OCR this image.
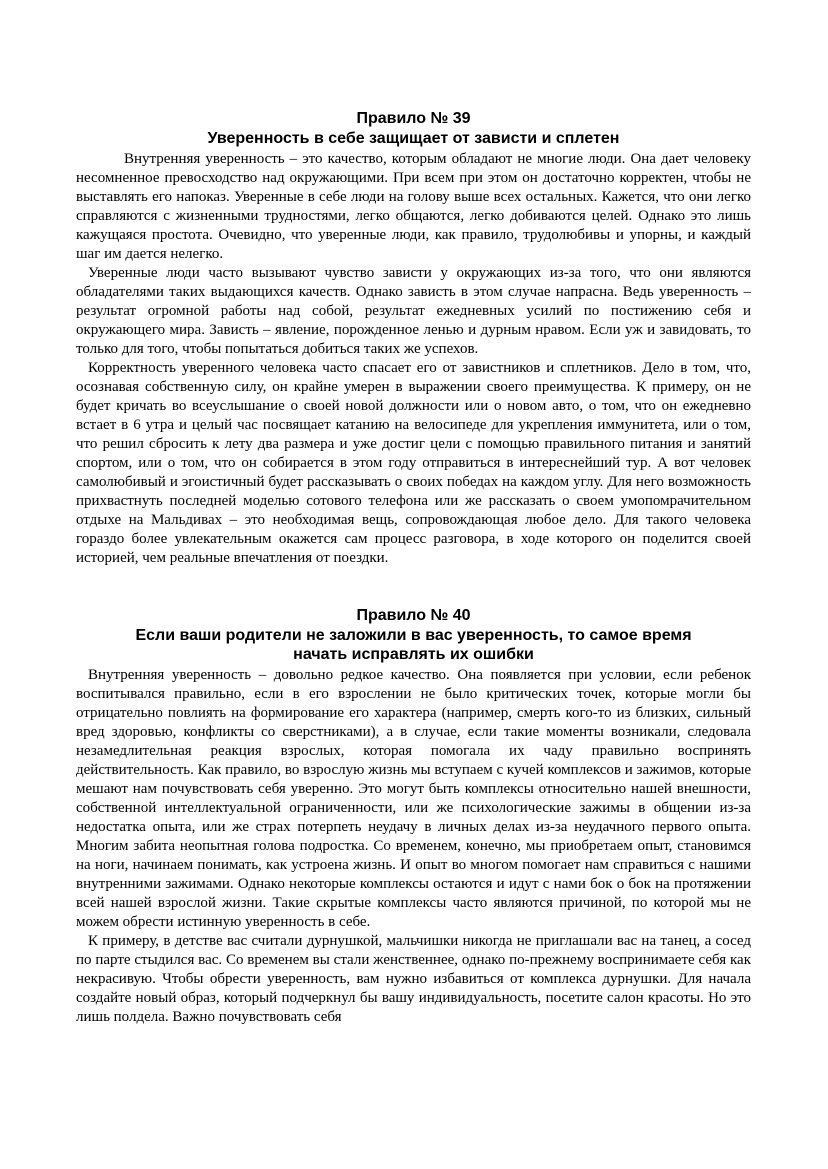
Правило № 39
Уверенность в себе защищает от зависти и сплетен

Внутренняя уверенность – это качество, которым обладают не многие люди. Она дает человеку несомненное превосходство над окружающими. При всем при этом он достаточно корректен, чтобы не выставлять его напоказ. Уверенные в себе люди на голову выше всех остальных. Кажется, что они легко справляются с жизненными трудностями, легко общаются, легко добиваются целей. Однако это лишь кажущаяся простота. Очевидно, что уверенные люди, как правило, трудолюбивы и упорны, и каждый шаг им дается нелегко.

Уверенные люди часто вызывают чувство зависти у окружающих из-за того, что они являются обладателями таких выдающихся качеств. Однако зависть в этом случае напрасна. Ведь уверенность – результат огромной работы над собой, результат ежедневных усилий по постижению себя и окружающего мира. Зависть – явление, порожденное ленью и дурным нравом. Если уж и завидовать, то только для того, чтобы попытаться добиться таких же успехов.

Корректность уверенного человека часто спасает его от завистников и сплетников. Дело в том, что, осознавая собственную силу, он крайне умерен в выражении своего преимущества. К примеру, он не будет кричать во всеуслышание о своей новой должности или о новом авто, о том, что он ежедневно встает в 6 утра и целый час посвящает катанию на велосипеде для укрепления иммунитета, или о том, что решил сбросить к лету два размера и уже достиг цели с помощью правильного питания и занятий спортом, или о том, что он собирается в этом году отправиться в интереснейший тур. А вот человек самолюбивый и эгоистичный будет рассказывать о своих победах на каждом углу. Для него возможность прихвастнуть последней моделью сотового телефона или же рассказать о своем умопомрачительном отдыхе на Мальдивах – это необходимая вещь, сопровождающая любое дело. Для такого человека гораздо более увлекательным окажется сам процесс разговора, в ходе которого он поделится своей историей, чем реальные впечатления от поездки.

Правило № 40
Если ваши родители не заложили в вас уверенность, то самое время
начать исправлять их ошибки

Внутренняя уверенность – довольно редкое качество. Она появляется при условии, если ребенок воспитывался правильно, если в его взрослении не было критических точек, которые могли бы отрицательно повлиять на формирование его характера (например, смерть кого-то из близких, сильный вред здоровью, конфликты со сверстниками), а в случае, если такие моменты возникали, следовала незамедлительная реакция взрослых, которая помогала их чаду правильно воспринять действительность. Как правило, во взрослую жизнь мы вступаем с кучей комплексов и зажимов, которые мешают нам почувствовать себя уверенно. Это могут быть комплексы относительно нашей внешности, собственной интеллектуальной ограниченности, или же психологические зажимы в общении из-за недостатка опыта, или же страх потерпеть неудачу в личных делах из-за неудачного первого опыта. Многим забита неопытная голова подростка. Со временем, конечно, мы приобретаем опыт, становимся на ноги, начинаем понимать, как устроена жизнь. И опыт во многом помогает нам справиться с нашими внутренними зажимами. Однако некоторые комплексы остаются и идут с нами бок о бок на протяжении всей нашей взрослой жизни. Такие скрытые комплексы часто являются причиной, по которой мы не можем обрести истинную уверенность в себе.

К примеру, в детстве вас считали дурнушкой, мальчишки никогда не приглашали вас на танец, а сосед по парте стыдился вас. Со временем вы стали женственнее, однако по-прежнему воспринимаете себя как некрасивую. Чтобы обрести уверенность, вам нужно избавиться от комплекса дурнушки. Для начала создайте новый образ, который подчеркнул бы вашу индивидуальность, посетите салон красоты. Но это лишь полдела. Важно почувствовать себя
